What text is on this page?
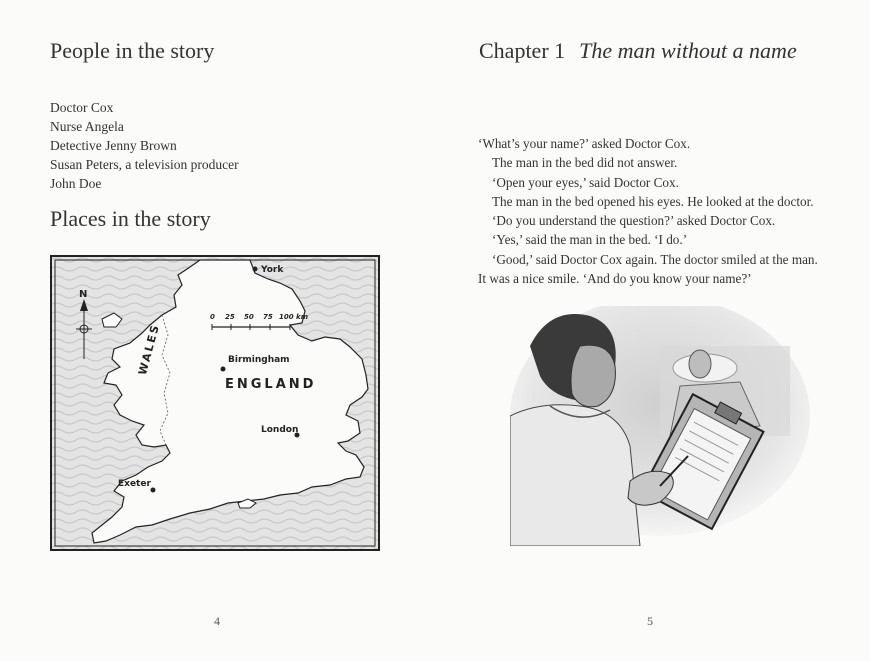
People in the story
Doctor Cox
Nurse Angela
Detective Jenny Brown
Susan Peters, a television producer
John Doe
Places in the story
N
0 25 50 75 100 km
York
Birmingham
London
Exeter
ENGLAND
WALES
4
Chapter 1 The man without a name

‘What’s your name?’ asked Doctor Cox.

The man in the bed did not answer.

‘Open your eyes,’ said Doctor Cox.

The man in the bed opened his eyes. He looked at the doctor.

‘Do you understand the question?’ asked Doctor Cox.

‘Yes,’ said the man in the bed. ‘I do.’

‘Good,’ said Doctor Cox again. The doctor smiled at the man. It was a nice smile. ‘And do you know your name?’

5
